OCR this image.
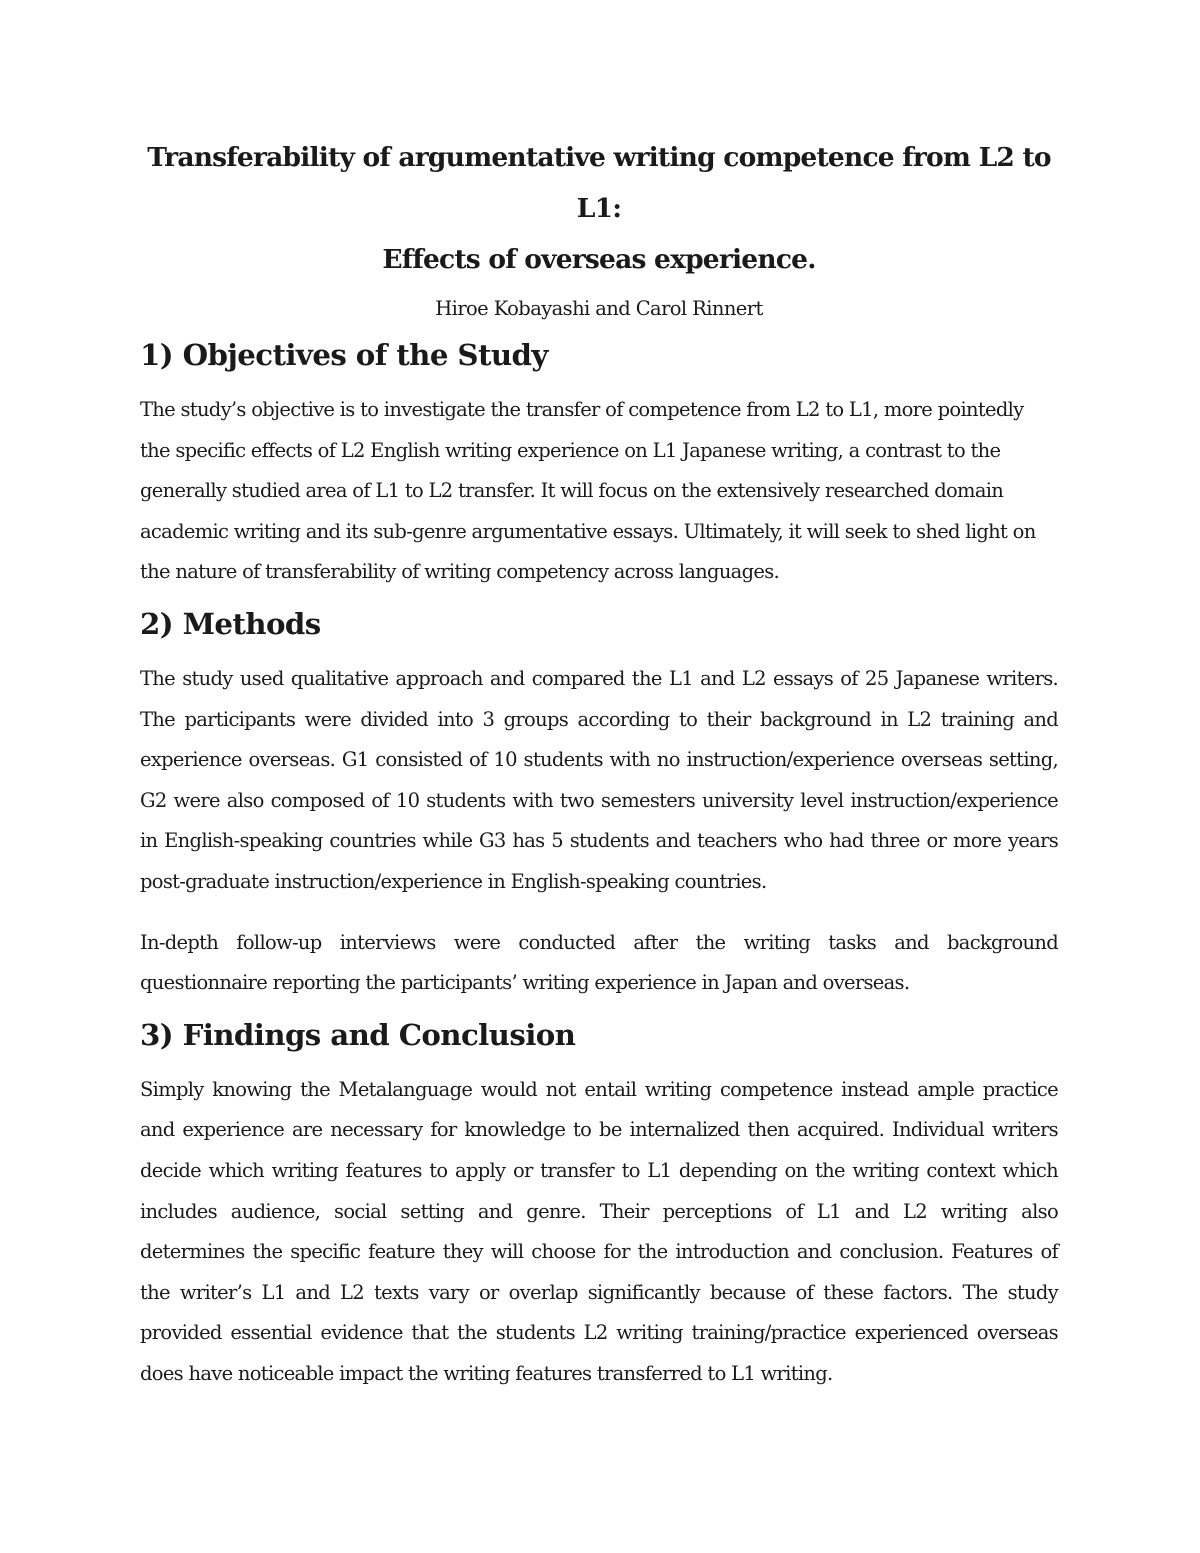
Transferability of argumentative writing competence from L2 to L1:
Effects of overseas experience.

Hiroe Kobayashi and Carol Rinnert

1) Objectives of the Study

The study’s objective is to investigate the transfer of competence from L2 to L1, more pointedly the specific effects of L2 English writing experience on L1 Japanese writing, a contrast to the generally studied area of L1 to L2 transfer. It will focus on the extensively researched domain academic writing and its sub-genre argumentative essays. Ultimately, it will seek to shed light on the nature of transferability of writing competency across languages.

2) Methods

The study used qualitative approach and compared the L1 and L2 essays of 25 Japanese writers. The participants were divided into 3 groups according to their background in L2 training and experience overseas. G1 consisted of 10 students with no instruction/experience overseas setting, G2 were also composed of 10 students with two semesters university level instruction/experience in English-speaking countries while G3 has 5 students and teachers who had three or more years post-graduate instruction/experience in English-speaking countries.

In-depth follow-up interviews were conducted after the writing tasks and background questionnaire reporting the participants’ writing experience in Japan and overseas.

3) Findings and Conclusion

Simply knowing the Metalanguage would not entail writing competence instead ample practice and experience are necessary for knowledge to be internalized then acquired. Individual writers decide which writing features to apply or transfer to L1 depending on the writing context which includes audience, social setting and genre. Their perceptions of L1 and L2 writing also determines the specific feature they will choose for the introduction and conclusion. Features of the writer’s L1 and L2 texts vary or overlap significantly because of these factors. The study provided essential evidence that the students L2 writing training/practice experienced overseas does have noticeable impact the writing features transferred to L1 writing.
